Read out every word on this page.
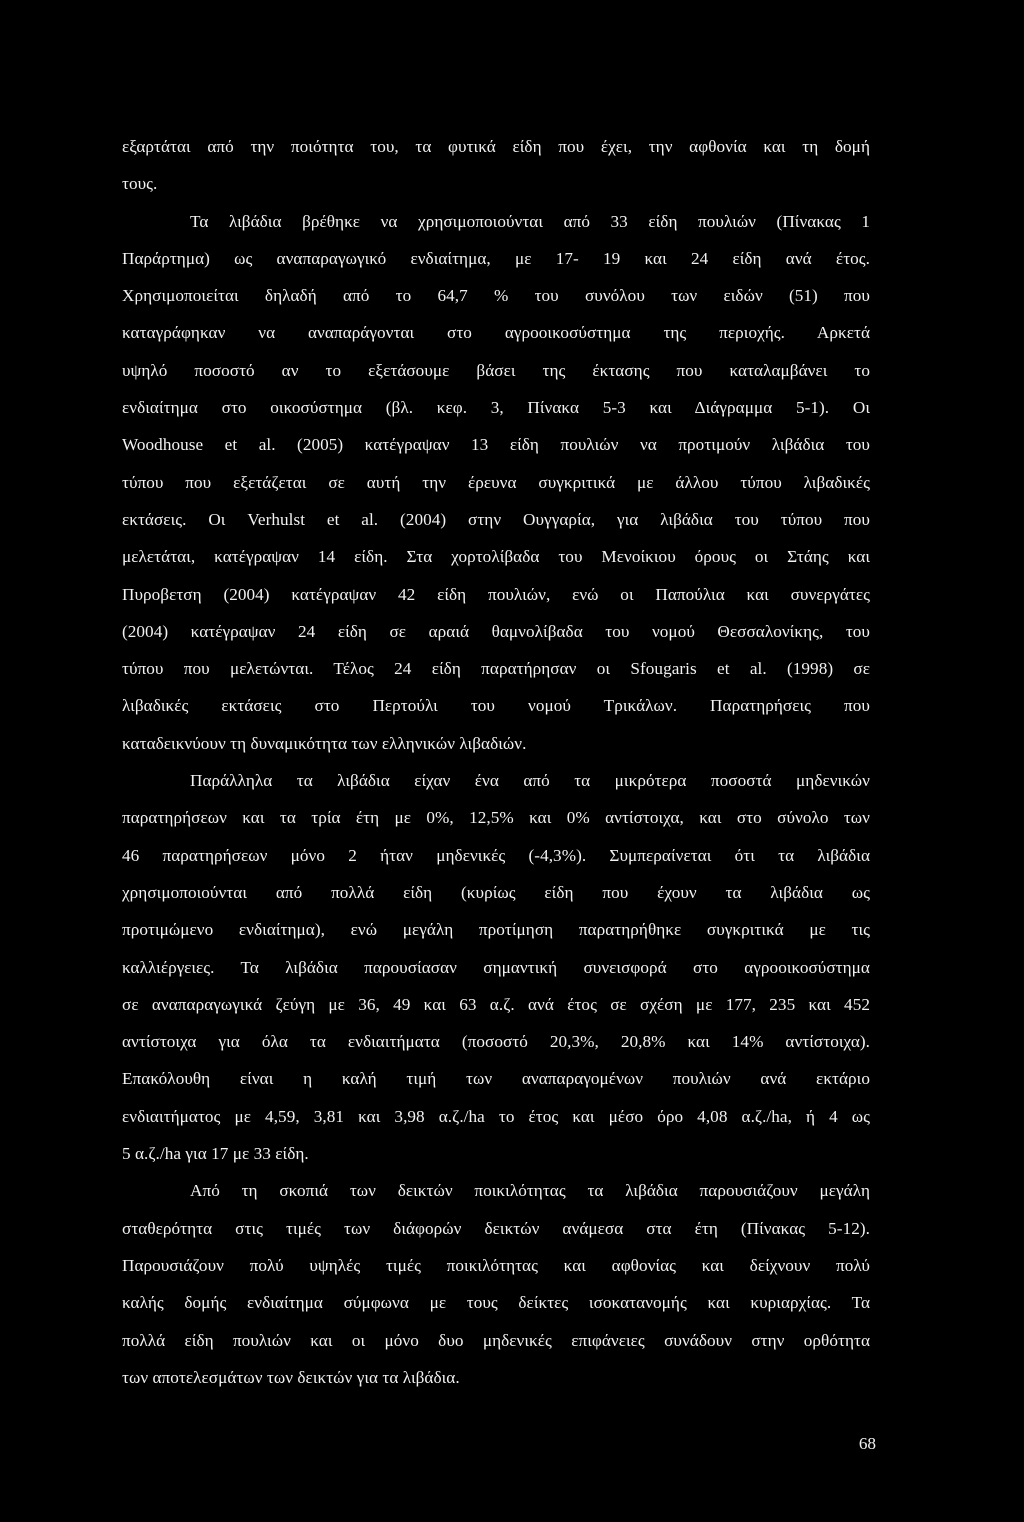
εξαρτάται από την ποιότητα του, τα φυτικά είδη που έχει, την αφθονία και τη δομή
τους.
Τα λιβάδια βρέθηκε να χρησιμοποιούνται από 33 είδη πουλιών (Πίνακας 1
Παράρτημα) ως αναπαραγωγικό ενδιαίτημα, με 17- 19 και 24 είδη ανά έτος.
Χρησιμοποιείται δηλαδή από το 64,7 % του συνόλου των ειδών (51) που
καταγράφηκαν να αναπαράγονται στο αγροοικοσύστημα της περιοχής. Αρκετά
υψηλό ποσοστό αν το εξετάσουμε βάσει της έκτασης που καταλαμβάνει το
ενδιαίτημα στο οικοσύστημα (βλ. κεφ. 3, Πίνακα 5-3 και Διάγραμμα 5-1). Οι
Woodhouse et al. (2005) κατέγραψαν 13 είδη πουλιών να προτιμούν λιβάδια του
τύπου που εξετάζεται σε αυτή την έρευνα συγκριτικά με άλλου τύπου λιβαδικές
εκτάσεις. Οι Verhulst et al. (2004) στην Ουγγαρία, για λιβάδια του τύπου που
μελετάται, κατέγραψαν 14 είδη. Στα χορτολίβαδα του Μενοίκιου όρους οι Στάης και
Πυροβετση (2004) κατέγραψαν 42 είδη πουλιών, ενώ οι Παπούλια και συνεργάτες
(2004) κατέγραψαν 24 είδη σε αραιά θαμνολίβαδα του νομού Θεσσαλονίκης, του
τύπου που μελετώνται. Τέλος 24 είδη παρατήρησαν οι Sfougaris et al. (1998) σε
λιβαδικές εκτάσεις στο Περτούλι του νομού Τρικάλων. Παρατηρήσεις που
καταδεικνύουν τη δυναμικότητα των ελληνικών λιβαδιών.
Παράλληλα τα λιβάδια είχαν ένα από τα μικρότερα ποσοστά μηδενικών
παρατηρήσεων και τα τρία έτη με 0%, 12,5% και 0% αντίστοιχα, και στο σύνολο των
46 παρατηρήσεων μόνο 2 ήταν μηδενικές (-4,3%). Συμπεραίνεται ότι τα λιβάδια
χρησιμοποιούνται από πολλά είδη (κυρίως είδη που έχουν τα λιβάδια ως
προτιμώμενο ενδιαίτημα), ενώ μεγάλη προτίμηση παρατηρήθηκε συγκριτικά με τις
καλλιέργειες. Τα λιβάδια παρουσίασαν σημαντική συνεισφορά στο αγροοικοσύστημα
σε αναπαραγωγικά ζεύγη με 36, 49 και 63 α.ζ. ανά έτος σε σχέση με 177, 235 και 452
αντίστοιχα για όλα τα ενδιαιτήματα (ποσοστό 20,3%, 20,8% και 14% αντίστοιχα).
Επακόλουθη είναι η καλή τιμή των αναπαραγομένων πουλιών ανά εκτάριο
ενδιαιτήματος με 4,59, 3,81 και 3,98 α.ζ./ha το έτος και μέσο όρο 4,08 α.ζ./ha, ή 4 ως
5 α.ζ./ha για 17 με 33 είδη.
Από τη σκοπιά των δεικτών ποικιλότητας τα λιβάδια παρουσιάζουν μεγάλη
σταθερότητα στις τιμές των διάφορών δεικτών ανάμεσα στα έτη (Πίνακας 5-12).
Παρουσιάζουν πολύ υψηλές τιμές ποικιλότητας και αφθονίας και δείχνουν πολύ
καλής δομής ενδιαίτημα σύμφωνα με τους δείκτες ισοκατανομής και κυριαρχίας. Τα
πολλά είδη πουλιών και οι μόνο δυο μηδενικές επιφάνειες συνάδουν στην ορθότητα
των αποτελεσμάτων των δεικτών για τα λιβάδια.
68
